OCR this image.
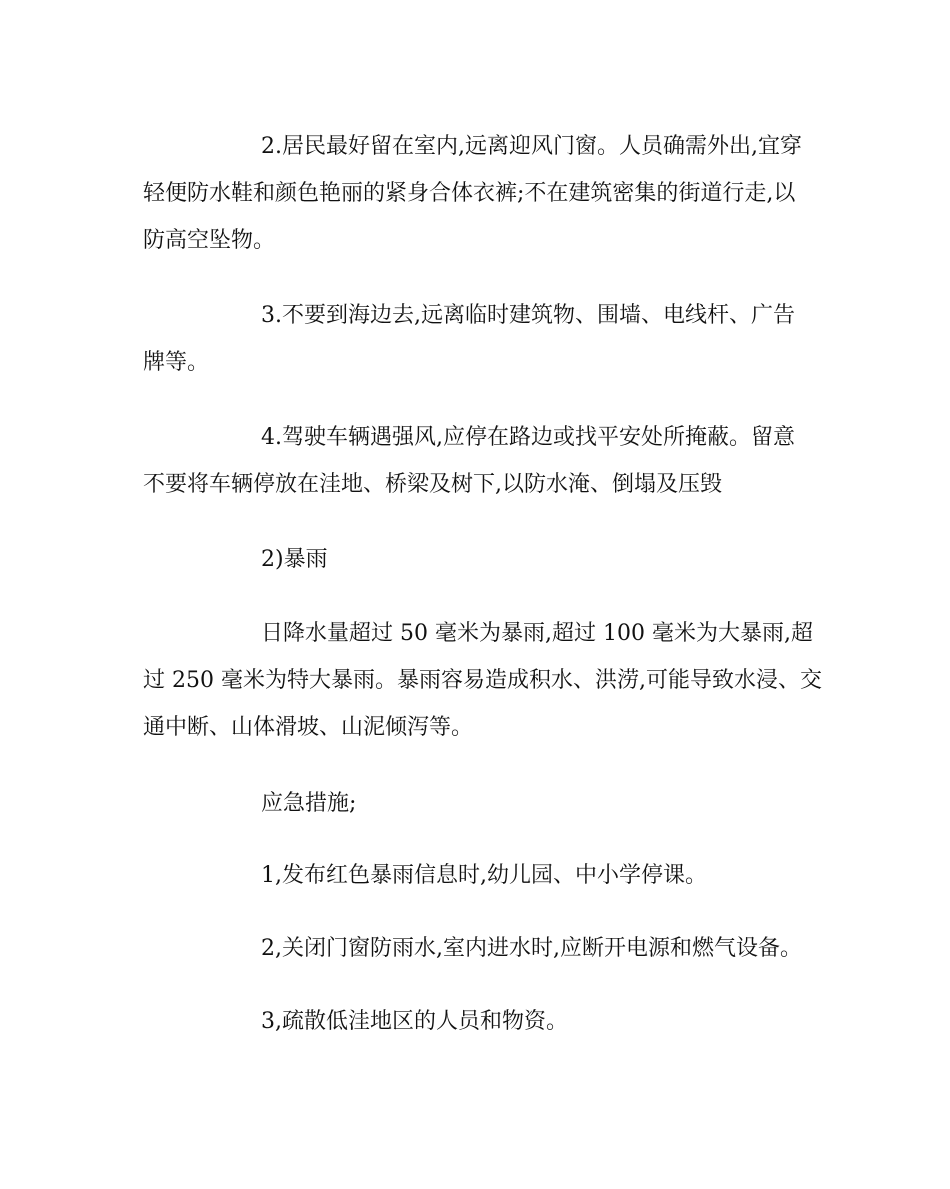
2.居民最好留在室内,远离迎风门窗。人员确需外出,宜穿
轻便防水鞋和颜色艳丽的紧身合体衣裤;不在建筑密集的街道行走,以
防高空坠物。
3.不要到海边去,远离临时建筑物、围墙、电线杆、广告
牌等。
4.驾驶车辆遇强风,应停在路边或找平安处所掩蔽。留意
不要将车辆停放在洼地、桥梁及树下,以防水淹、倒塌及压毁
2)暴雨
日降水量超过 50 毫米为暴雨,超过 100 毫米为大暴雨,超
过 250 毫米为特大暴雨。暴雨容易造成积水、洪涝,可能导致水浸、交
通中断、山体滑坡、山泥倾泻等。
应急措施;
1,发布红色暴雨信息时,幼儿园、中小学停课。
2,关闭门窗防雨水,室内进水时,应断开电源和燃气设备。
3,疏散低洼地区的人员和物资。
